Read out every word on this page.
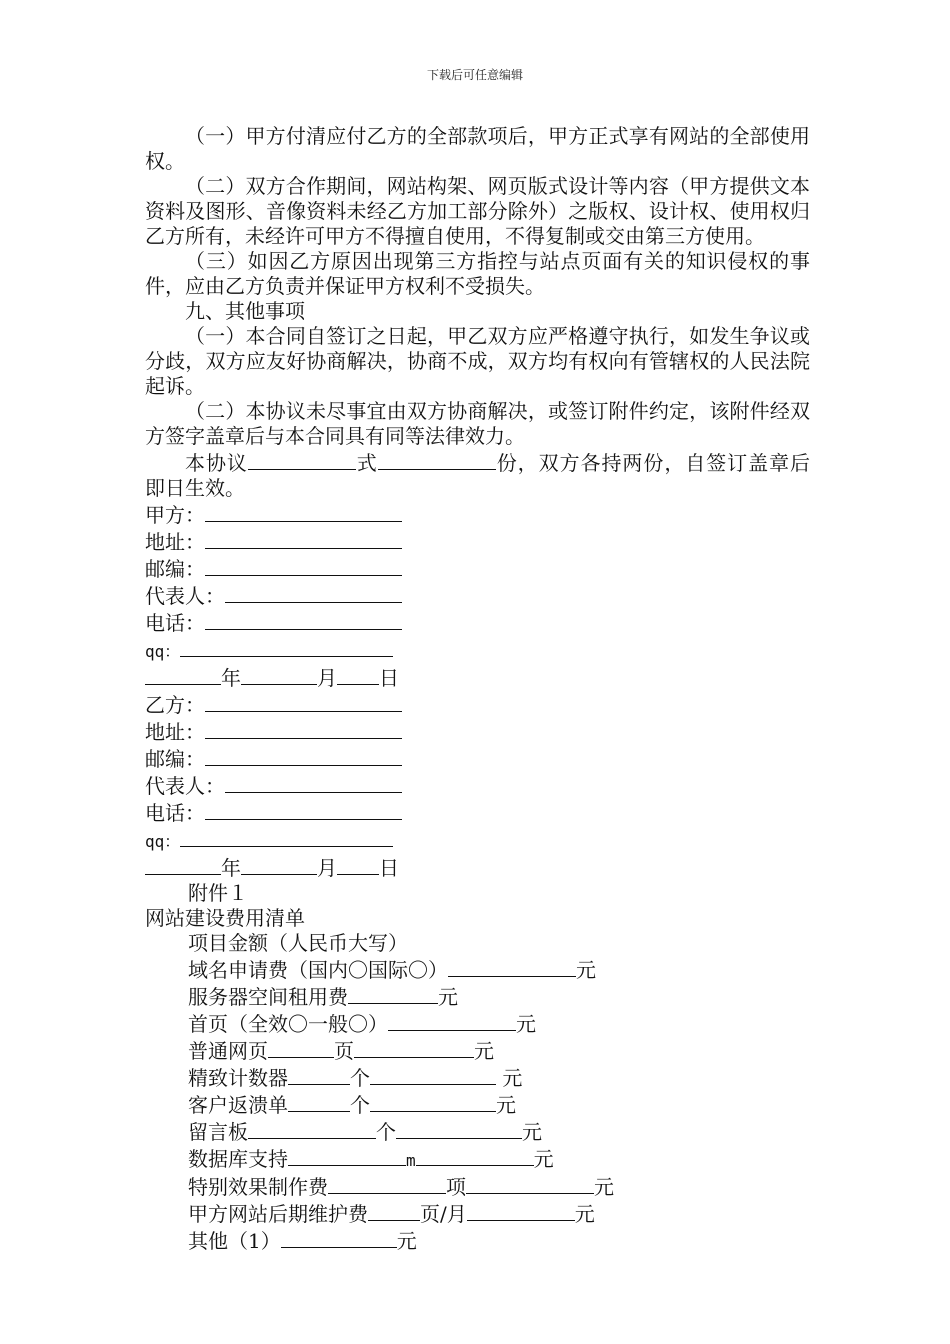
下载后可任意编辑

（一）甲方付清应付乙方的全部款项后，甲方正式享有网站的全部使用权。

（二）双方合作期间，网站构架、网页版式设计等内容（甲方提供文本资料及图形、音像资料未经乙方加工部分除外）之版权、设计权、使用权归乙方所有，未经许可甲方不得擅自使用，不得复制或交由第三方使用。

（三）如因乙方原因出现第三方指控与站点页面有关的知识侵权的事件，应由乙方负责并保证甲方权利不受损失。

九、其他事项

（一）本合同自签订之日起，甲乙双方应严格遵守执行，如发生争议或分歧，双方应友好协商解决，协商不成，双方均有权向有管辖权的人民法院起诉。

（二）本协议未尽事宜由双方协商解决，或签订附件约定，该附件经双方签字盖章后与本合同具有同等法律效力。

本协议	式	份，双方各持两份，自签订盖章后即日生效。

甲方：
地址：
邮编：
代表人：
电话：
qq：
年	月 日
乙方：
地址：
邮编：
代表人：
电话：
qq：
年	月 日
附件１
网站建设费用清单
项目金额（人民币大写）
域名申请费（国内〇国际〇）	元
服务器空间租用费	元
首页（全效〇一般〇）	元
普通网页	页	元
精致计数器	个	元
客户返溃单	个	元
留言板	个	元
数据库支持	m	元
特别效果制作费	项	元
甲方网站后期维护费	页/月	元
其他（1）	元
